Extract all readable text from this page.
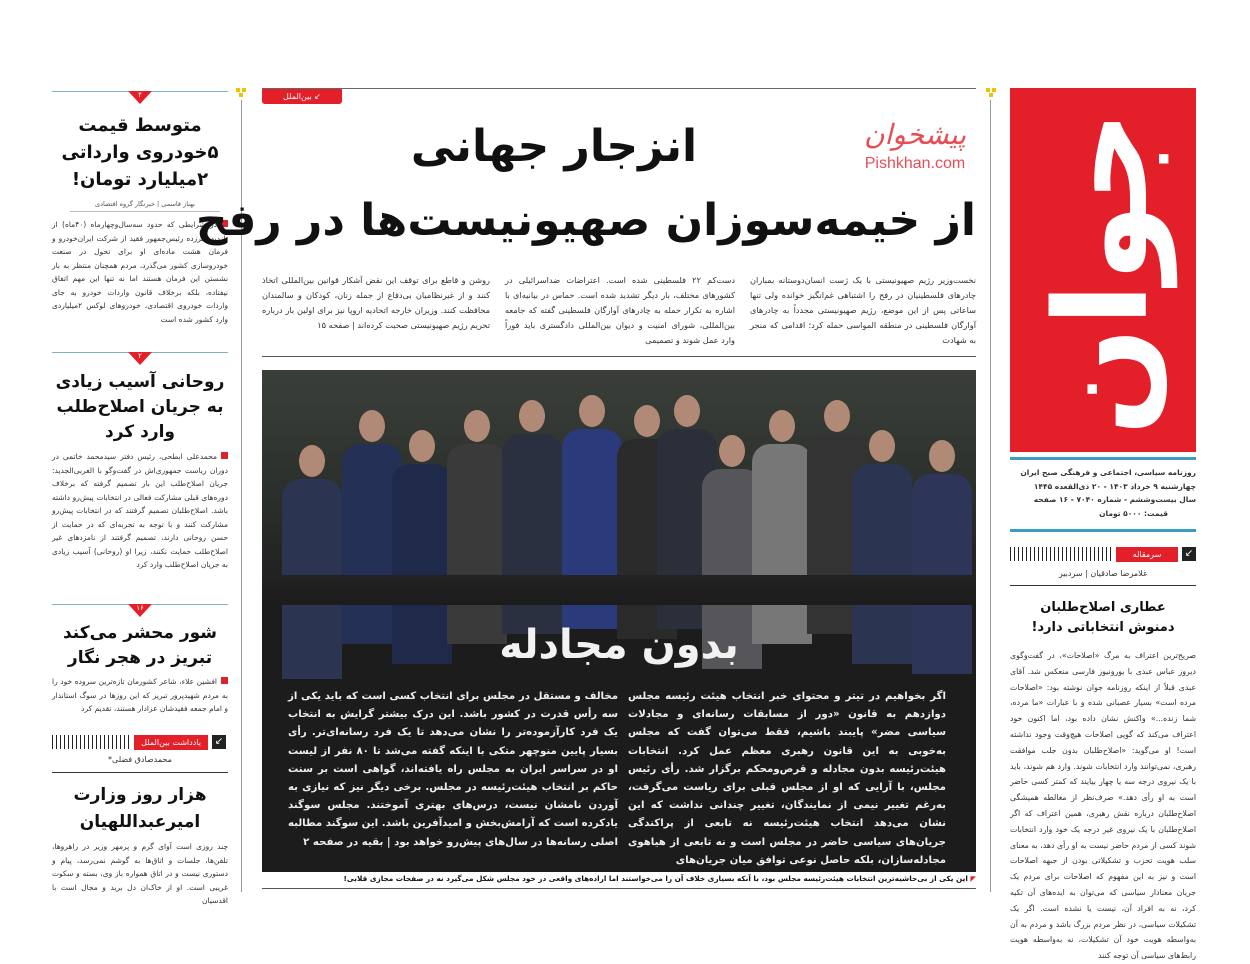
۴
متوسط قیمت
۵خودروی وارداتی
۲میلیارد تومان!
بهناز قاسمی | خبرنگار گروه اقتصادی
در شرایطی که حدود سه‌سال‌وچهارماه (۴۰ماه) از بازدید سرزده رئیس‌جمهور فقید از شرکت ایران‌خودرو و فرمان هشت ماده‌ای او برای تحول در صنعت خودروسازی کشور می‌گذرد، مردم همچنان منتظر به بار نشستن این فرمان هستند اما نه تنها این مهم اتفاق نیفتاده، بلکه برخلاف قانون واردات خودرو به جای واردات خودروی اقتصادی، خودروهای لوکس ۲میلیاردی وارد کشور شده است
۲
روحانی آسیب زیادی
به جریان اصلاح‌طلب
وارد کرد
محمدعلی ابطحی، رئیس دفتر سیدمحمد خاتمی در دوران ریاست جمهوری‌اش در گفت‌وگو با العربی‌الجدید: جریان اصلاح‌طلب این بار تصمیم گرفته که برخلاف دوره‌های قبلی مشارکت فعالی در انتخابات پیش‌رو داشته باشد. اصلاح‌طلبان تصمیم گرفتند که در انتخابات پیش‌رو مشارکت کنند و با توجه به تجربه‌ای که در حمایت از حسن روحانی دارند، تصمیم گرفتند از نامزدهای غیر اصلاح‌طلب حمایت نکنند، زیرا او (روحانی) آسیب زیادی به جریان اصلاح‌طلب وارد کرد
۱۶
شور محشر می‌کند
تبریز در هجر نگار
افشین علاء، شاعر کشورمان تازه‌ترین سروده خود را به مردم شهیدپرور تبریز که این روزها در سوگ استاندار و امام جمعه فقیدشان عزادار هستند، تقدیم کرد
↙
یادداشت بین‌الملل
محمدصادق فضلی*
هزار روز وزارت
امیرعبداللهیان
چند روزی است آوای گرم و پرمهر وزیر در راهروها، تلفن‌ها، جلسات و اتاق‌ها به گوشم نمی‌رسد، پیام و دستوری نیست و در اتاق همواره باز وی، بسته و سکوت غریبی است. او از خاک‌ا‌ن دل برید و مجال است با اقدسیان
↙ بین‌الملل
انزجار جهانی
از خیمه‌سوزان صهیونیست‌ها در رفح
پیشخوان
Pishkhan.com
نخست‌وزیر رژیم صهیونیستی با یک ژست انسان‌دوستانه بمباران چادرهای فلسطینیان در رفح را اشتباهی غم‌انگیز خوانده ولی تنها ساعاتی پس از این موضع، رژیم صهیونیستی مجدداً به چادرهای آوارگان فلسطینی در منطقه المواسی حمله کرد؛ اقدامی که منجر به شهادت
دست‌کم ۲۲ فلسطینی شده است. اعتراضات ضداسرائیلی در کشورهای مختلف، بار دیگر تشدید شده است. حماس در بیانیه‌ای با اشاره به تکرار حمله به چادرهای آوارگان فلسطینی گفته که جامعه بین‌المللی، شورای امنیت و دیوان بین‌المللی دادگستری باید فوراً وارد عمل شوند و تصمیمی
روشن و قاطع برای توقف این نقض آشکار قوانین بین‌المللی اتخاذ کنند و از غیرنظامیان بی‌دفاع از جمله زنان، کودکان و سالمندان محافظت کنند. وزیران خارجه اتحادیه اروپا نیز برای اولین بار درباره تحریم رژیم صهیونیستی صحبت کرده‌اند | صفحه ۱۵
بدون مجادله
اگر بخواهیم در تیتر و محتوای خبر انتخاب هیئت رئیسه مجلس دوازدهم به قانون «دور از مسابقات رسانه‌ای و مجادلات سیاسی مضر» پایبند باشیم، فقط می‌توان گفت که مجلس به‌خوبی به این قانون رهبری معظم عمل کرد. انتخابات هیئت‌رئیسه بدون مجادله و قرص‌ومحکم برگزار شد. رأی رئیس مجلس، با آرایی که او از مجلس قبلی برای ریاست می‌گرفت، به‌رغم تغییر نیمی از نمایندگان، تغییر چندانی نداشت که این نشان می‌دهد انتخاب هیئت‌رئیسه نه تابعی از پراکندگی جریان‌های سیاسی حاضر در مجلس است و نه تابعی از هیاهوی مجادله‌سازان، بلکه حاصل نوعی توافق میان جریان‌های
مخالف و مستقل در مجلس برای انتخاب کسی است که باید یکی از سه رأس قدرت در کشور باشد. این درک بیشتر گرایش به انتخاب یک فرد کارآزموده‌تر را نشان می‌دهد تا یک فرد رسانه‌ای‌تر. رأی بسیار پایین منوچهر متکی با اینکه گفته می‌شد تا ۸۰ نفر از لیست او در سراسر ایران به مجلس راه یافته‌اند، گواهی است بر سنت حاکم بر انتخاب هیئت‌رئیسه در مجلس. برخی دیگر نیز که نیازی به آوردن نامشان نیست، درس‌های بهتری آموختند. مجلس سوگند یادکرده است که آرامش‌بخش و امیدآفرین باشد. این سوگند مطالبه اصلی رسانه‌ها در سال‌های پیش‌رو خواهد بود | بقیه در صفحه ۲
◤ این یکی از بی‌حاشیه‌ترین انتخابات هیئت‌رئیسه مجلس بود، با آنکه بسیاری خلاف آن را می‌خواستند اما اراده‌های واقعی در خود مجلس شکل می‌گیرد نه در صفحات مجازی قلابی!
جوان
روزنامه سیاسی، اجتماعی و فرهنگی صبح ایران
چهارشنبه ۹ خرداد ۱۴۰۳ - ۲۰ ذی‌القعده ۱۴۴۵
سال بیست‌وششم - شماره ۷۰۴۰ - ۱۶ صفحه
قیمت: ۵۰۰۰ تومان
↙
سرمقاله
غلامرضا صادقیان | سردبیر
عطاری اصلاح‌طلبان
دمنوش انتخاباتی دارد!
صریح‌ترین اعتراف به مرگ «اصلاحات»، در گفت‌وگوی دیروز عباس عبدی با یورونیوز فارسی منعکس شد. آقای عبدی قبلاً از اینکه روزنامه جوان نوشته بود: «اصلاحات مرده است» بسیار عصبانی شده و با عبارات «ما مرده، شما زنده...» واکنش نشان داده بود، اما اکنون خود اعتراف می‌کند که گویی اصلاحات هیچ‌وقت وجود نداشته است! او می‌گوید: «اصلاح‌طلبان بدون جلب موافقت رهبری، نمی‌توانند وارد انتخابات شوند. وارد هم شوند، باید با یک نیروی درجه سه یا چهار بیایند که کمتر کسی حاضر است به او رأی دهد.» صرف‌نظر از مغالطه همیشگی اصلاح‌طلبان درباره نقش رهبری، همین اعتراف که اگر اصلاح‌طلبان با یک نیروی غیر درجه یک خود وارد انتخابات شوند کسی از مردم حاضر نیست به او رأی دهد، به معنای سلب هویت تحزب و تشکیلاتی بودن از جبهه اصلاحات است و نیز به این مفهوم که اصلاحات برای مردم یک جریان معنادار سیاسی که می‌توان به ایده‌های آن تکیه کرد، نه به افراد آن، نیست یا نشده است. اگر یک تشکیلات سیاسی، در نظر مردم بزرگ باشد و مردم به آن به‌واسطه هویت خود آن تشکیلات، نه به‌واسطه هویت رابط‌های سیاسی آن توجه کنند
